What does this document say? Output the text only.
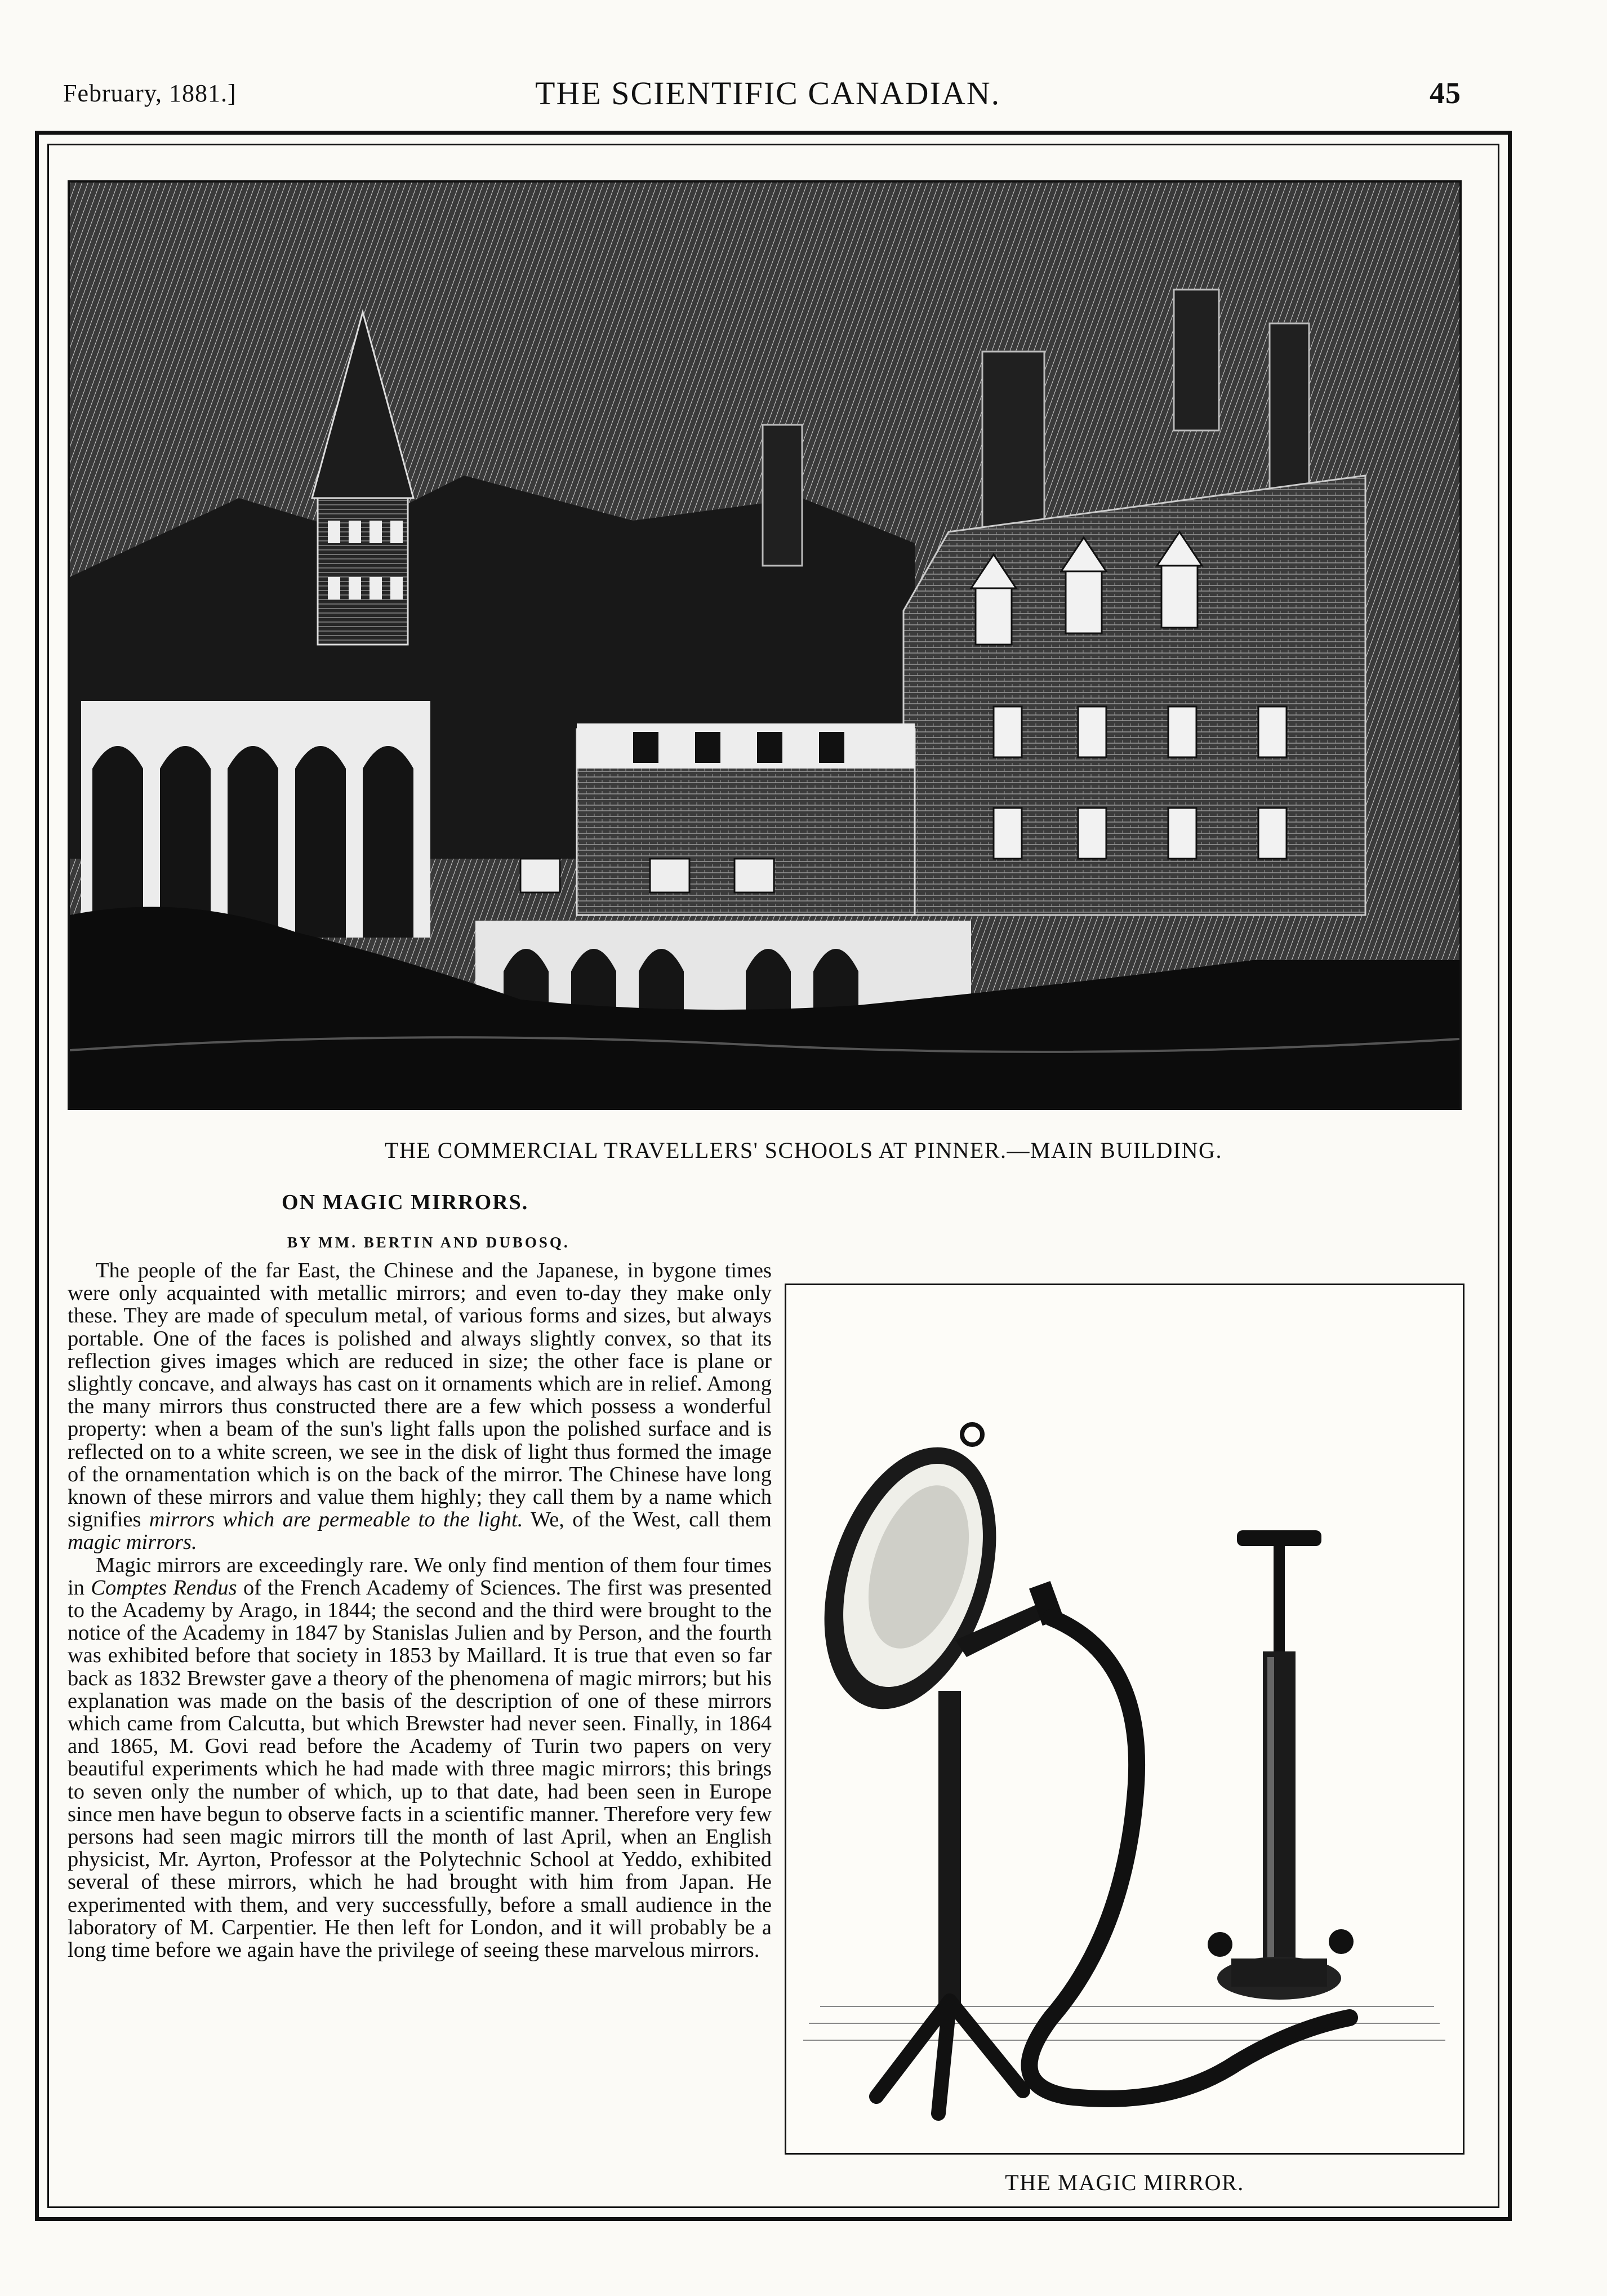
February, 1881.]	THE SCIENTIFIC CANADIAN.	45
THE COMMERCIAL TRAVELLERS' SCHOOLS AT PINNER.—MAIN BUILDING.
ON MAGIC MIRRORS.
BY MM. BERTIN AND DUBOSQ.

The people of the far East, the Chinese and the Japanese, in bygone times were only acquainted with metallic mirrors; and even to-day they make only these. They are made of speculum metal, of various forms and sizes, but always portable. One of the faces is polished and always slightly convex, so that its reflection gives images which are reduced in size; the other face is plane or slightly concave, and always has cast on it ornaments which are in relief. Among the many mirrors thus constructed there are a few which possess a wonderful property: when a beam of the sun's light falls upon the polished surface and is reflected on to a white screen, we see in the disk of light thus formed the image of the ornamentation which is on the back of the mirror. The Chinese have long known of these mirrors and value them highly; they call them by a name which signifies mirrors which are permeable to the light. We, of the West, call them magic mirrors.

Magic mirrors are exceedingly rare. We only find mention of them four times in Comptes Rendus of the French Academy of Sciences. The first was presented to the Academy by Arago, in 1844; the second and the third were brought to the notice of the Academy in 1847 by Stanislas Julien and by Person, and the fourth was exhibited before that society in 1853 by Maillard. It is true that even so far back as 1832 Brewster gave a theory of the phenomena of magic mirrors; but his explanation was made on the basis of the description of one of these mirrors which came from Calcutta, but which Brewster had never seen. Finally, in 1864 and 1865, M. Govi read before the Academy of Turin two papers on very beautiful experiments which he had made with three magic mirrors; this brings to seven only the number of which, up to that date, had been seen in Europe since men have begun to observe facts in a scientific manner. Therefore very few persons had seen magic mirrors till the month of last April, when an English physicist, Mr. Ayrton, Professor at the Polytechnic School at Yeddo, exhibited several of these mirrors, which he had brought with him from Japan. He experimented with them, and very successfully, before a small audience in the laboratory of M. Carpentier. He then left for London, and it will probably be a long time before we again have the privilege of seeing these marvelous mirrors.

THE MAGIC MIRROR.
